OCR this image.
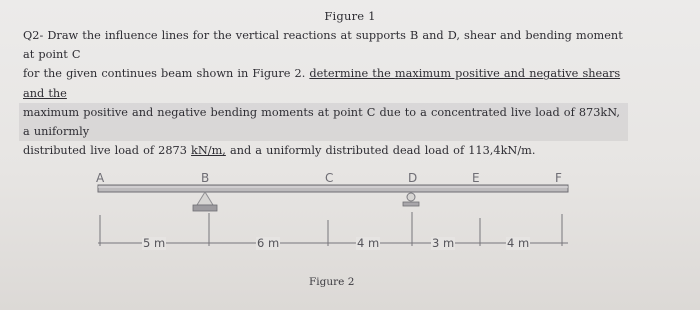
Figure 1

Q2- Draw the influence lines for the vertical reactions at supports B and D, shear and bending moment at point C

for the given continues beam shown in Figure 2. determine the maximum positive and negative shears and the

maximum positive and negative bending moments at point C due to a concentrated live load of 873kN, a uniformly

distributed live load of 2873 kN/m, and a uniformly distributed dead load of 113,4kN/m.

A	B	C	D	E	F
5 m	6 m	4 m	3 m	4 m
Figure 2
